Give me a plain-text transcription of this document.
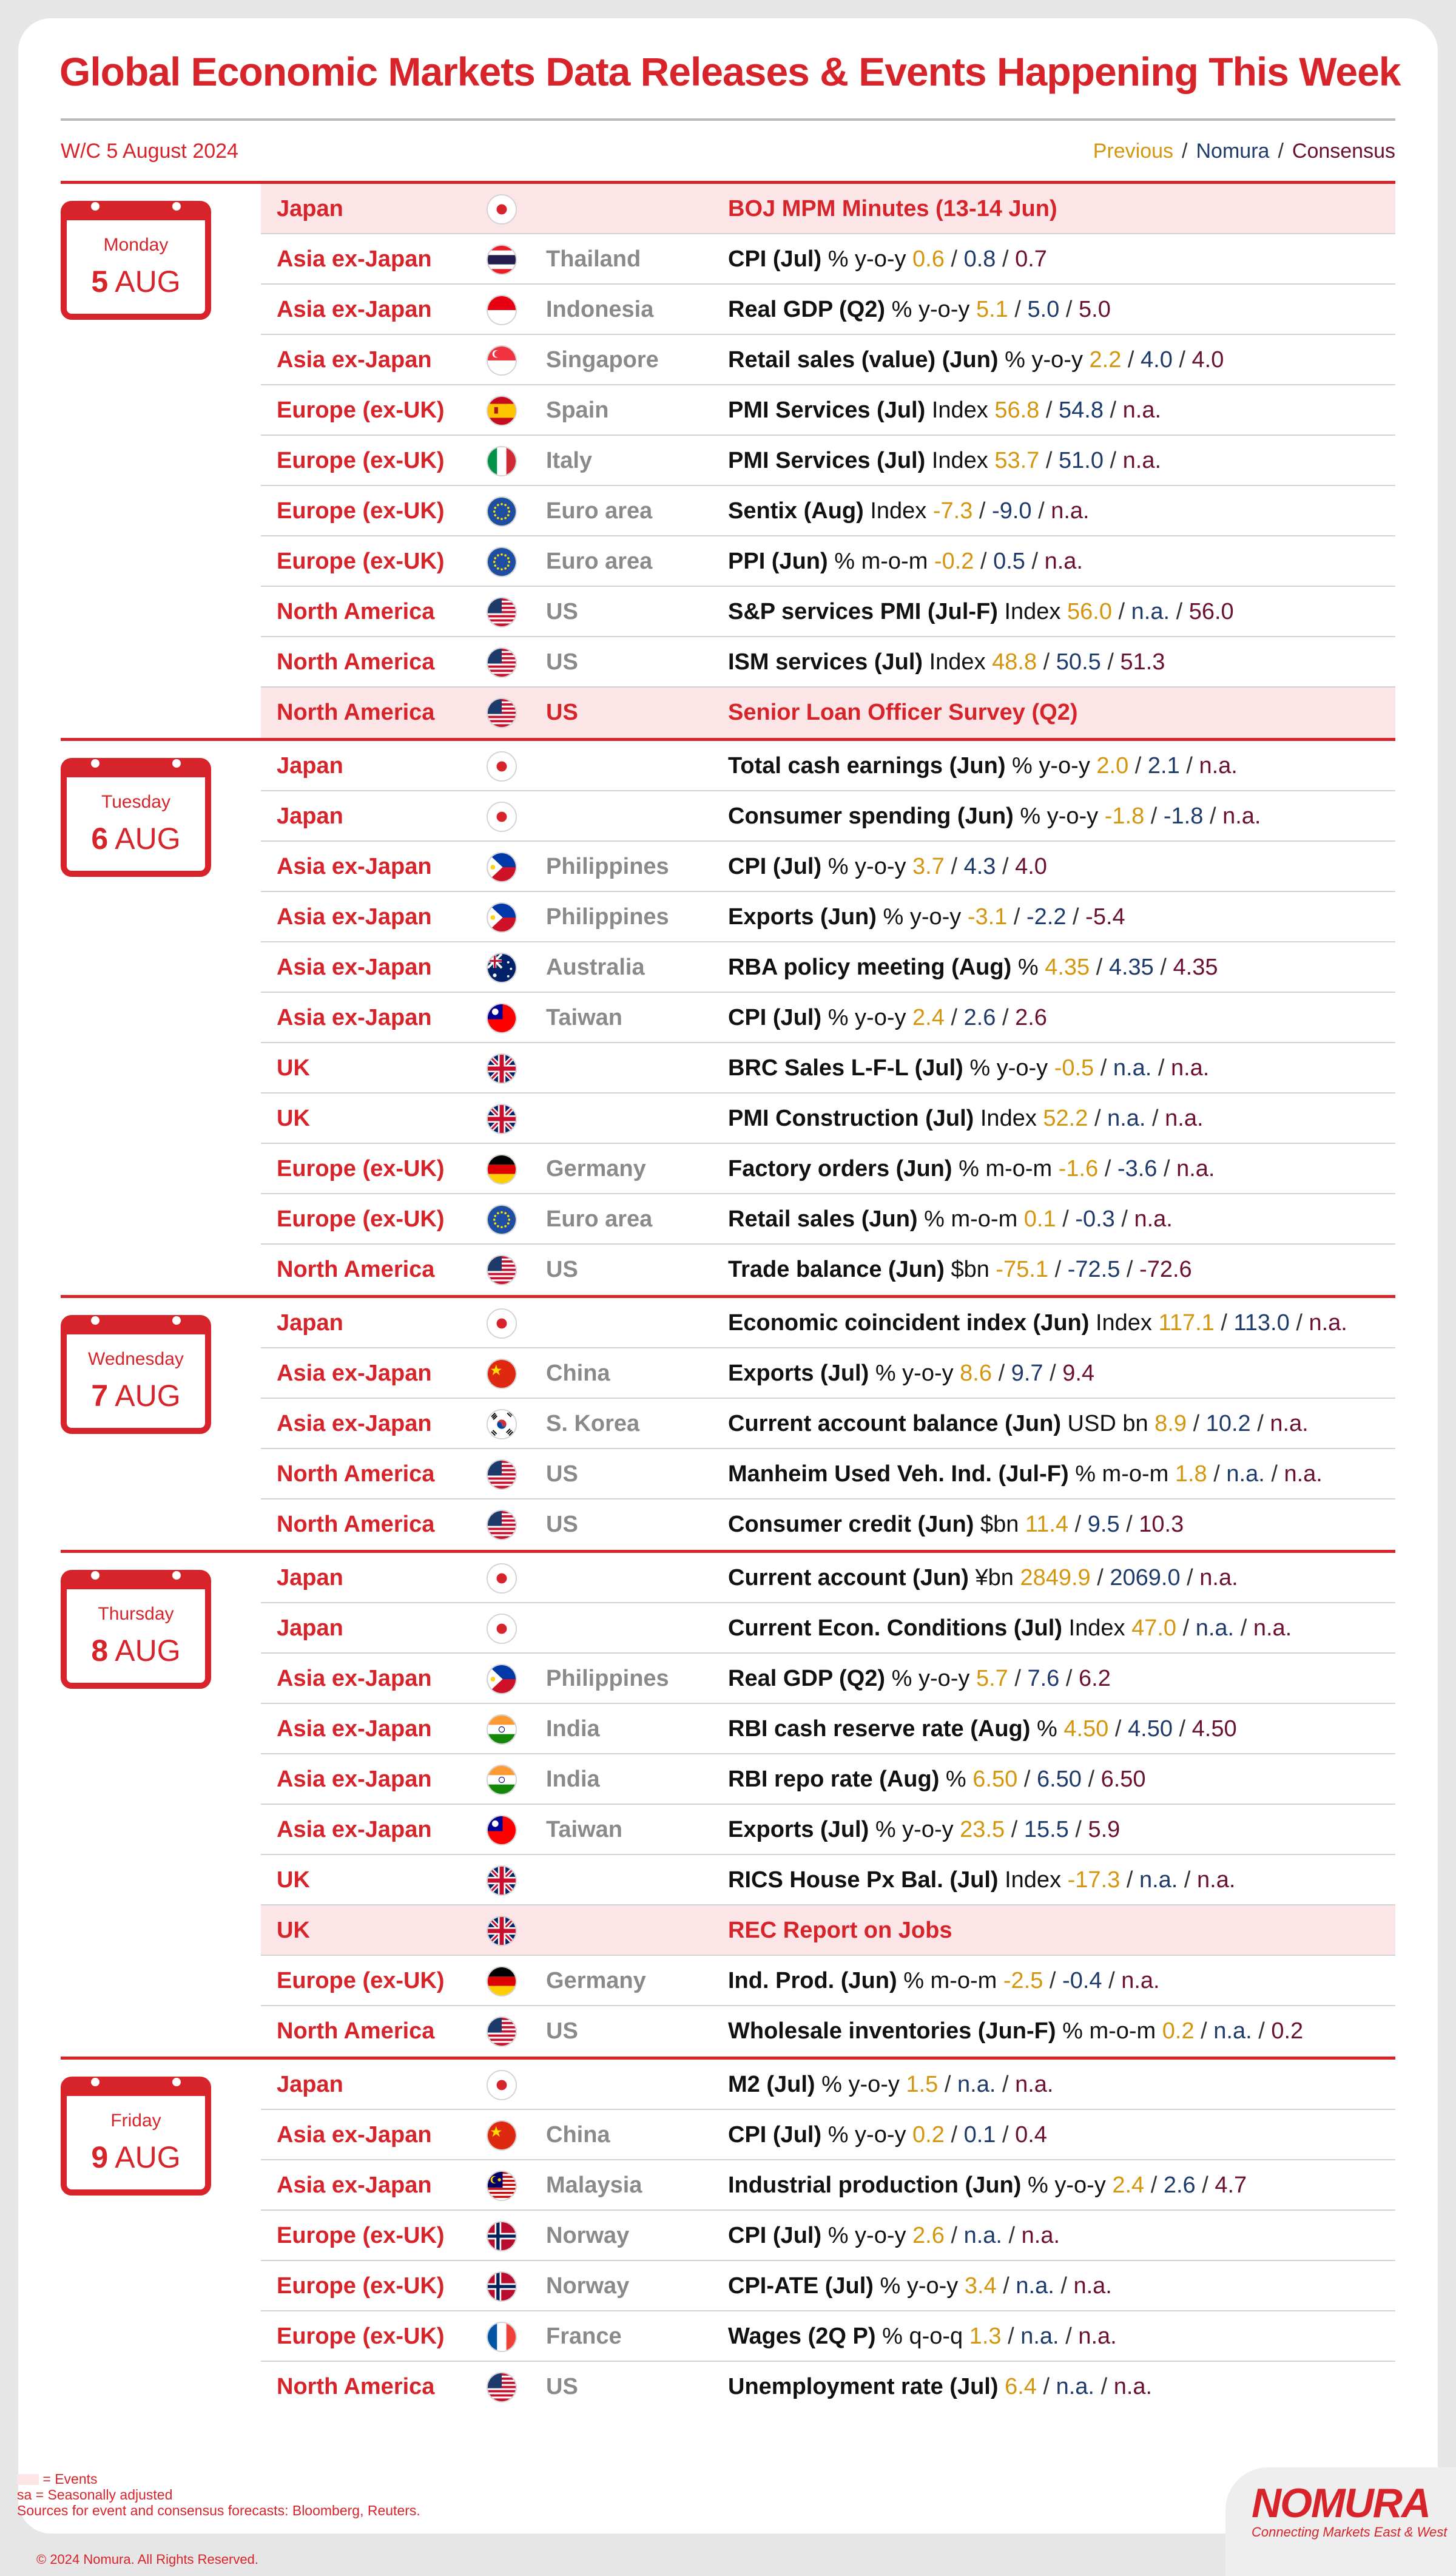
Global Economic Markets Data Releases & Events Happening This Week
W/C 5 August 2024	Previous / Nomura / Consensus
Monday
5 AUG
Japan	BOJ MPM Minutes (13-14 Jun)
Asia ex-Japan	Thailand	CPI (Jul) % y-o-y 0.6 / 0.8 / 0.7
Asia ex-Japan	Indonesia	Real GDP (Q2) % y-o-y 5.1 / 5.0 / 5.0
Asia ex-Japan	Singapore	Retail sales (value) (Jun) % y-o-y 2.2 / 4.0 / 4.0
Europe (ex-UK)	Spain	PMI Services (Jul) Index 56.8 / 54.8 / n.a.
Europe (ex-UK)	Italy	PMI Services (Jul) Index 53.7 / 51.0 / n.a.
Europe (ex-UK)	Euro area	Sentix (Aug) Index -7.3 / -9.0 / n.a.
Europe (ex-UK)	Euro area	PPI (Jun) % m-o-m -0.2 / 0.5 / n.a.
North America	US	S&P services PMI (Jul-F) Index 56.0 / n.a. / 56.0
North America	US	ISM services (Jul) Index 48.8 / 50.5 / 51.3
North America	US	Senior Loan Officer Survey (Q2)
Tuesday
6 AUG
Japan	Total cash earnings (Jun) % y-o-y 2.0 / 2.1 / n.a.
Japan	Consumer spending (Jun) % y-o-y -1.8 / -1.8 / n.a.
Asia ex-Japan	Philippines	CPI (Jul) % y-o-y 3.7 / 4.3 / 4.0
Asia ex-Japan	Philippines	Exports (Jun) % y-o-y -3.1 / -2.2 / -5.4
Asia ex-Japan	Australia	RBA policy meeting (Aug) % 4.35 / 4.35 / 4.35
Asia ex-Japan	Taiwan	CPI (Jul) % y-o-y 2.4 / 2.6 / 2.6
UK	BRC Sales L-F-L (Jul) % y-o-y -0.5 / n.a. / n.a.
UK	PMI Construction (Jul) Index 52.2 / n.a. / n.a.
Europe (ex-UK)	Germany	Factory orders (Jun) % m-o-m -1.6 / -3.6 / n.a.
Europe (ex-UK)	Euro area	Retail sales (Jun) % m-o-m 0.1 / -0.3 / n.a.
North America	US	Trade balance (Jun) $bn -75.1 / -72.5 / -72.6
Wednesday
7 AUG
Japan	Economic coincident index (Jun) Index 117.1 / 113.0 / n.a.
Asia ex-Japan	China	Exports (Jul) % y-o-y 8.6 / 9.7 / 9.4
Asia ex-Japan	S. Korea	Current account balance (Jun) USD bn 8.9 / 10.2 / n.a.
North America	US	Manheim Used Veh. Ind. (Jul-F) % m-o-m 1.8 / n.a. / n.a.
North America	US	Consumer credit (Jun) $bn 11.4 / 9.5 / 10.3
Thursday
8 AUG
Japan	Current account (Jun) ¥bn 2849.9 / 2069.0 / n.a.
Japan	Current Econ. Conditions (Jul) Index 47.0 / n.a. / n.a.
Asia ex-Japan	Philippines	Real GDP (Q2) % y-o-y 5.7 / 7.6 / 6.2
Asia ex-Japan	India	RBI cash reserve rate (Aug) % 4.50 / 4.50 / 4.50
Asia ex-Japan	India	RBI repo rate (Aug) % 6.50 / 6.50 / 6.50
Asia ex-Japan	Taiwan	Exports (Jul) % y-o-y 23.5 / 15.5 / 5.9
UK	RICS House Px Bal. (Jul) Index -17.3 / n.a. / n.a.
UK	REC Report on Jobs
Europe (ex-UK)	Germany	Ind. Prod. (Jun) % m-o-m -2.5 / -0.4 / n.a.
North America	US	Wholesale inventories (Jun-F) % m-o-m 0.2 / n.a. / 0.2
Friday
9 AUG
Japan	M2 (Jul) % y-o-y 1.5 / n.a. / n.a.
Asia ex-Japan	China	CPI (Jul) % y-o-y 0.2 / 0.1 / 0.4
Asia ex-Japan	Malaysia	Industrial production (Jun) % y-o-y 2.4 / 2.6 / 4.7
Europe (ex-UK)	Norway	CPI (Jul) % y-o-y 2.6 / n.a. / n.a.
Europe (ex-UK)	Norway	CPI-ATE (Jul) % y-o-y 3.4 / n.a. / n.a.
Europe (ex-UK)	France	Wages (2Q P) % q-o-q 1.3 / n.a. / n.a.
North America	US	Unemployment rate (Jul) 6.4 / n.a. / n.a.
= Events
sa = Seasonally adjusted
Sources for event and consensus forecasts: Bloomberg, Reuters.
© 2024 Nomura. All Rights Reserved.
NOMURA
Connecting Markets East & West
